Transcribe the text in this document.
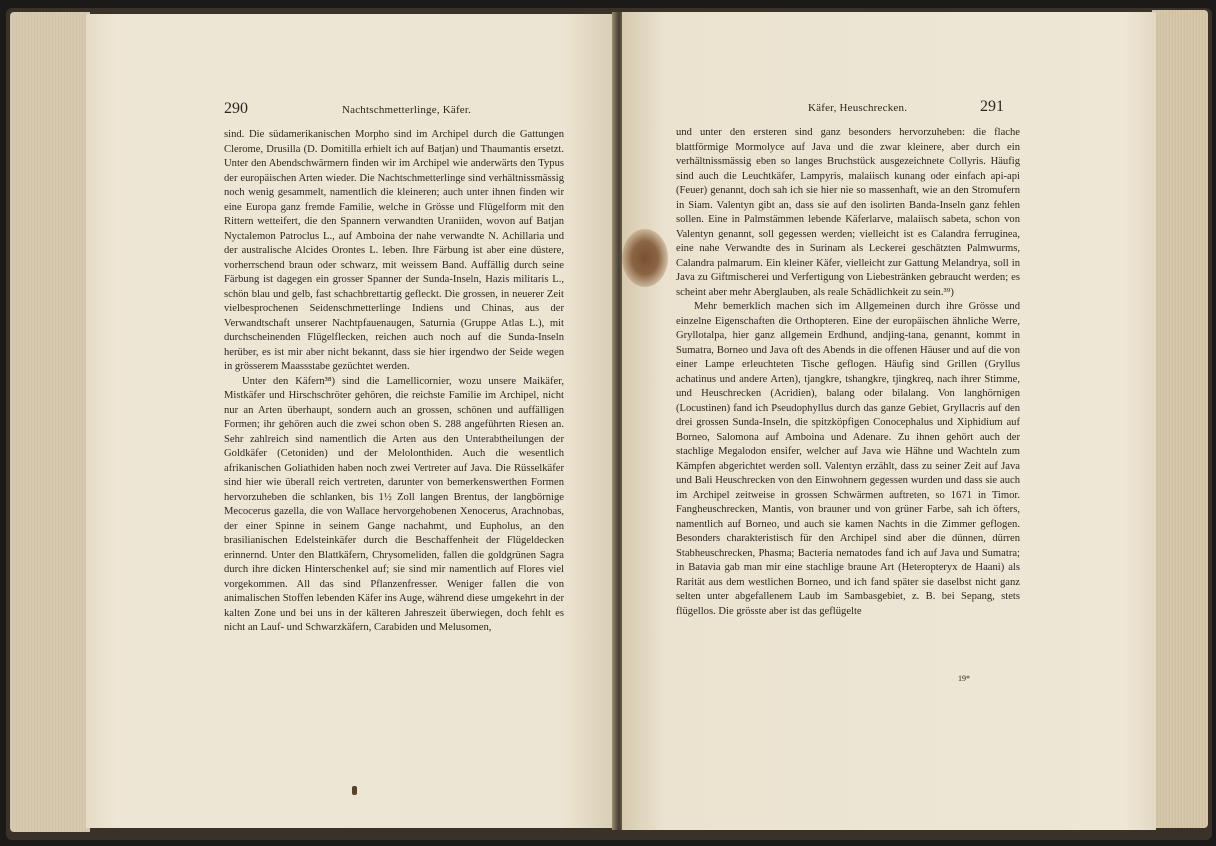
290	Nachtschmetterlinge, Käfer.

sind. Die südamerikanischen Morpho sind im Archipel durch die Gattungen Clerome, Drusilla (D. Domitilla erhielt ich auf Batjan) und Thaumantis ersetzt. Unter den Abendschwärmern finden wir im Archipel wie anderwärts den Typus der europäischen Arten wieder. Die Nachtschmetterlinge sind verhältnissmässig noch wenig gesammelt, namentlich die kleineren; auch unter ihnen finden wir eine Europa ganz fremde Familie, welche in Grösse und Flügelform mit den Rittern wetteifert, die den Spannern verwandten Uraniiden, wovon auf Batjan Nyctalemon Patroclus L., auf Amboina der nahe verwandte N. Achillaria und der australische Alcides Orontes L. leben. Ihre Färbung ist aber eine düstere, vorherrschend braun oder schwarz, mit weissem Band. Auffällig durch seine Färbung ist dagegen ein grosser Spanner der Sunda-Inseln, Hazis militaris L., schön blau und gelb, fast schachbrettartig gefleckt. Die grossen, in neuerer Zeit vielbesprochenen Seidenschmetterlinge Indiens und Chinas, aus der Verwandtschaft unserer Nachtpfauenaugen, Saturnia (Gruppe Atlas L.), mit durchscheinenden Flügelflecken, reichen auch noch auf die Sunda-Inseln herüber, es ist mir aber nicht bekannt, dass sie hier irgendwo der Seide wegen in grösserem Maassstabe gezüchtet werden.

Unter den Käfern³⁸) sind die Lamellicornier, wozu unsere Maikäfer, Mistkäfer und Hirschschröter gehören, die reichste Familie im Archipel, nicht nur an Arten überhaupt, sondern auch an grossen, schönen und auffälligen Formen; ihr gehören auch die zwei schon oben S. 288 angeführten Riesen an. Sehr zahlreich sind namentlich die Arten aus den Unterabtheilungen der Goldkäfer (Cetoniden) und der Melolonthiden. Auch die wesentlich afrikanischen Goliathiden haben noch zwei Vertreter auf Java. Die Rüsselkäfer sind hier wie überall reich vertreten, darunter von bemerkenswerthen Formen hervorzuheben die schlanken, bis 1½ Zoll langen Brentus, der langbörnige Mecocerus gazella, die von Wallace hervorgehobenen Xenocerus, Arachnobas, der einer Spinne in seinem Gange nachahmt, und Eupholus, an den brasilianischen Edelsteinkäfer durch die Beschaffenheit der Flügeldecken erinnernd. Unter den Blattkäfern, Chrysomeliden, fallen die goldgrünen Sagra durch ihre dicken Hinterschenkel auf; sie sind mir namentlich auf Flores viel vorgekommen. All das sind Pflanzenfresser. Weniger fallen die von animalischen Stoffen lebenden Käfer ins Auge, während diese umgekehrt in der kalten Zone und bei uns in der kälteren Jahreszeit überwiegen, doch fehlt es nicht an Lauf- und Schwarzkäfern, Carabiden und Melusomen,

Käfer, Heuschrecken.	291

und unter den ersteren sind ganz besonders hervorzuheben: die flache blattförmige Mormolyce auf Java und die zwar kleinere, aber durch ein verhältnissmässig eben so langes Bruchstück ausgezeichnete Collyris. Häufig sind auch die Leuchtkäfer, Lampyris, malaiisch kunang oder einfach api-api (Feuer) genannt, doch sah ich sie hier nie so massenhaft, wie an den Stromufern in Siam. Valentyn gibt an, dass sie auf den isolirten Banda-Inseln ganz fehlen sollen. Eine in Palmstämmen lebende Käferlarve, malaiisch sabeta, schon von Valentyn genannt, soll gegessen werden; vielleicht ist es Calandra ferruginea, eine nahe Verwandte des in Surinam als Leckerei geschätzten Palmwurms, Calandra palmarum. Ein kleiner Käfer, vielleicht zur Gattung Melandrya, soll in Java zu Giftmischerei und Verfertigung von Liebestränken gebraucht werden; es scheint aber mehr Aberglauben, als reale Schädlichkeit zu sein.³⁹)

Mehr bemerklich machen sich im Allgemeinen durch ihre Grösse und einzelne Eigenschaften die Orthopteren. Eine der europäischen ähnliche Werre, Gryllotalpa, hier ganz allgemein Erdhund, andjing-tana, genannt, kommt in Sumatra, Borneo und Java oft des Abends in die offenen Häuser und auf die von einer Lampe erleuchteten Tische geflogen. Häufig sind Grillen (Gryllus achatinus und andere Arten), tjangkre, tshangkre, tjingkreq, nach ihrer Stimme, und Heuschrecken (Acridien), balang oder bilalang. Von langhörnigen (Locustinen) fand ich Pseudophyllus durch das ganze Gebiet, Gryllacris auf den drei grossen Sunda-Inseln, die spitzköpfigen Conocephalus und Xiphidium auf Borneo, Salomona auf Amboina und Adenare. Zu ihnen gehört auch der stachlige Megalodon ensifer, welcher auf Java wie Hähne und Wachteln zum Kämpfen abgerichtet werden soll. Valentyn erzählt, dass zu seiner Zeit auf Java und Bali Heuschrecken von den Einwohnern gegessen wurden und dass sie auch im Archipel zeitweise in grossen Schwärmen auftreten, so 1671 in Timor. Fangheuschrecken, Mantis, von brauner und von grüner Farbe, sah ich öfters, namentlich auf Borneo, und auch sie kamen Nachts in die Zimmer geflogen. Besonders charakteristisch für den Archipel sind aber die dünnen, dürren Stabheuschrecken, Phasma; Bacteria nematodes fand ich auf Java und Sumatra; in Batavia gab man mir eine stachlige braune Art (Heteropteryx de Haani) als Rarität aus dem westlichen Borneo, und ich fand später sie daselbst nicht ganz selten unter abgefallenem Laub im Sambasgebiet, z. B. bei Sepang, stets flügellos. Die grösste aber ist das geflügelte

19*
